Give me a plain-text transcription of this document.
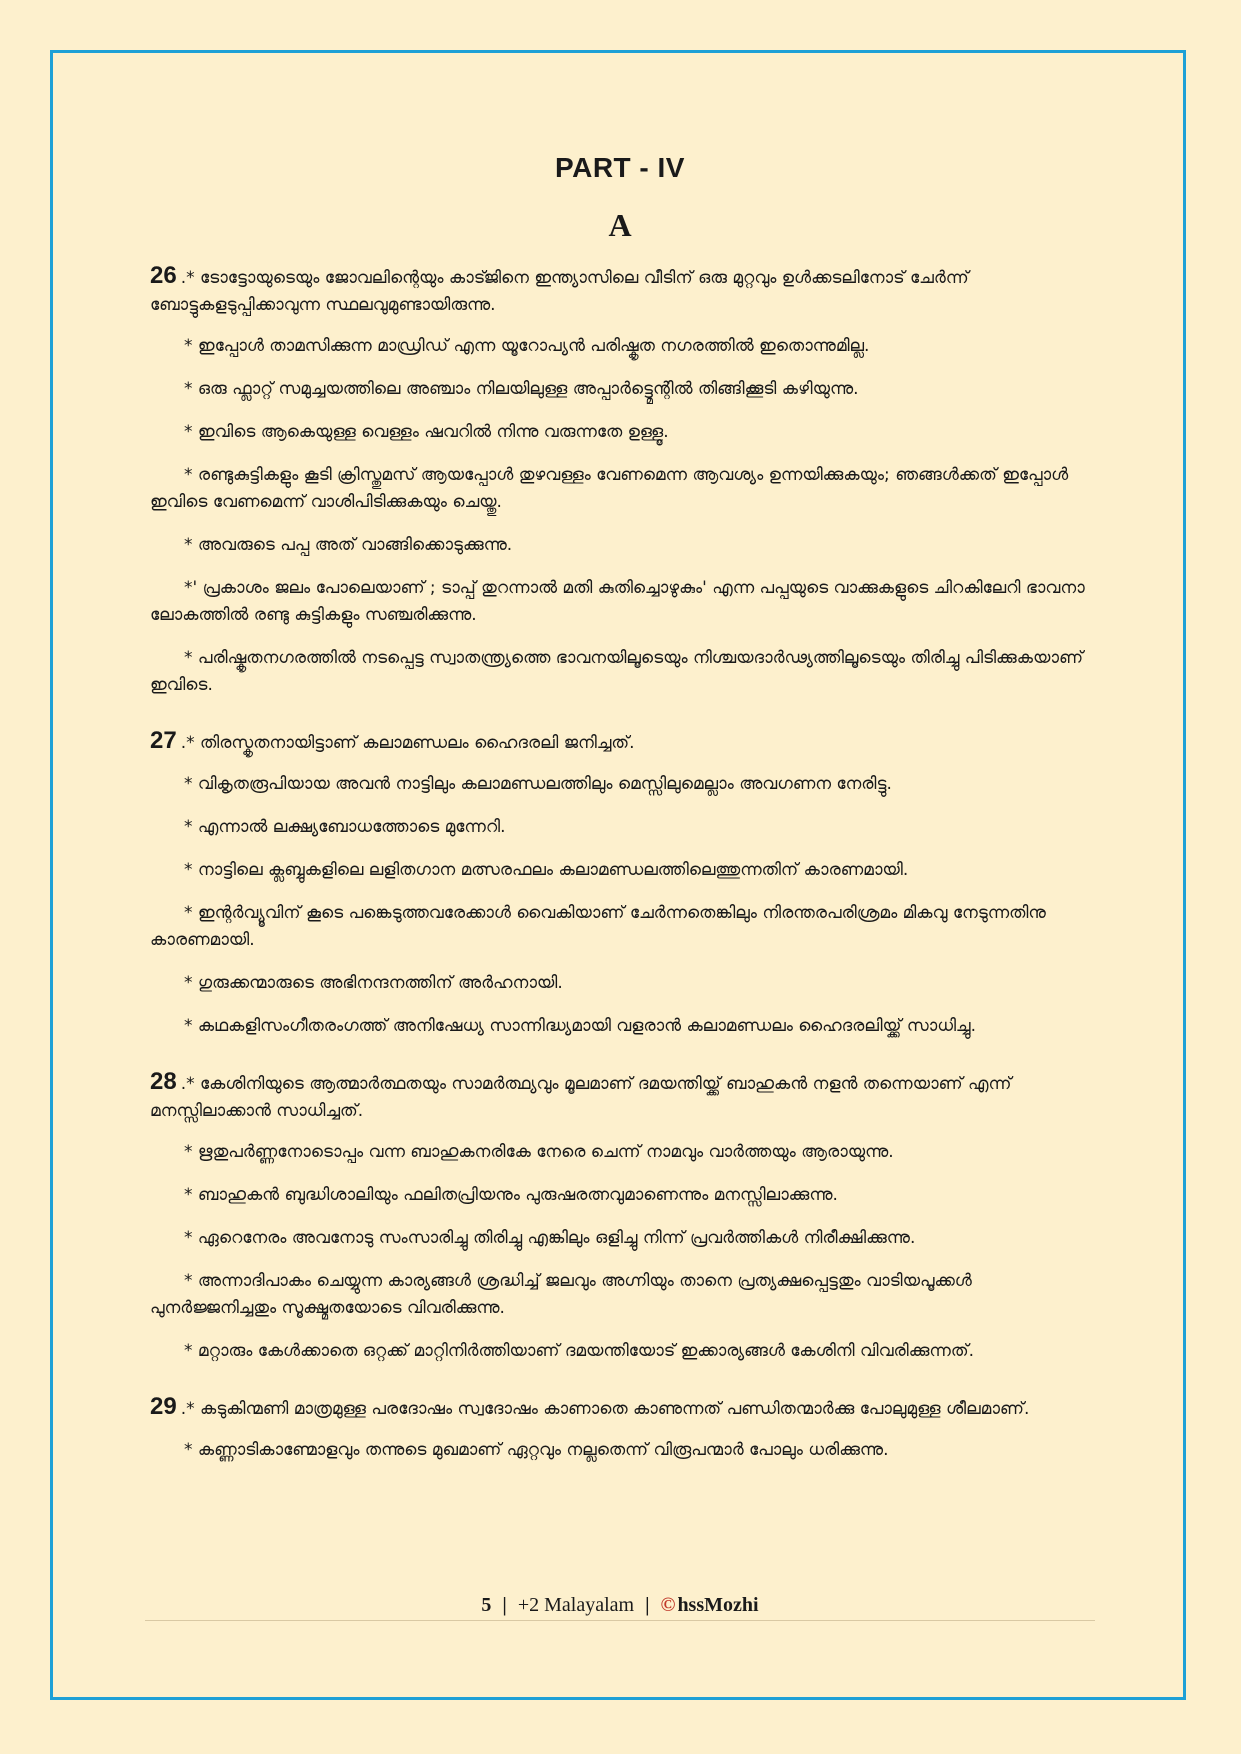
PART - IV
A
26 .* ടോട്ടോയുടെയും ജോവലിന്റെയും കാട്ജിനെ ഇന്ത്യാസിലെ വീടിന് ഒരു മുറ്റവും ഉൾക്കടലിനോട് ചേർന്ന് ബോട്ടുകളടുപ്പിക്കാവുന്ന സ്ഥലവുമുണ്ടായിരുന്നു.
* ഇപ്പോൾ താമസിക്കുന്ന മാഡ്രിഡ് എന്ന യൂറോപ്യൻ പരിഷ്കൃത നഗരത്തിൽ ഇതൊന്നുമില്ല.
* ഒരു ഫ്ലാറ്റ് സമുച്ചയത്തിലെ അഞ്ചാം നിലയിലുള്ള അപ്പാർട്ട്മെന്റിൽ തിങ്ങിക്കൂടി കഴിയുന്നു.
* ഇവിടെ ആകെയുള്ള വെള്ളം ഷവറിൽ നിന്നു വരുന്നതേ ഉള്ളൂ.
* രണ്ടുകുട്ടികളും കൂടി ക്രിസ്തുമസ് ആയപ്പോൾ തുഴവള്ളം വേണമെന്ന ആവശ്യം ഉന്നയിക്കുകയും; ഞങ്ങൾക്കത് ഇപ്പോൾ ഇവിടെ വേണമെന്ന് വാശിപിടിക്കുകയും ചെയ്തു.
* അവരുടെ പപ്പ അത് വാങ്ങിക്കൊടുക്കുന്നു.
*' പ്രകാശം ജലം പോലെയാണ് ; ടാപ്പ് തുറന്നാൽ മതി കുതിച്ചൊഴുകും' എന്ന പപ്പയുടെ വാക്കുകളുടെ ചിറകിലേറി ഭാവനാ ലോകത്തിൽ രണ്ടു കുട്ടികളും സഞ്ചരിക്കുന്നു.
* പരിഷ്കൃതനഗരത്തിൽ നടപ്പെട്ട സ്വാതന്ത്ര്യത്തെ ഭാവനയിലൂടെയും നിശ്ചയദാർഢ്യത്തിലൂടെയും തിരിച്ചു പിടിക്കുകയാണ് ഇവിടെ.
27 .* തിരസ്കൃതനായിട്ടാണ് കലാമണ്ഡലം ഹൈദരലി ജനിച്ചത്.
* വികൃതരൂപിയായ അവൻ നാട്ടിലും കലാമണ്ഡലത്തിലും മെസ്സിലുമെല്ലാം അവഗണന നേരിട്ടു.
* എന്നാൽ ലക്ഷ്യബോധത്തോടെ മുന്നേറി.
* നാട്ടിലെ ക്ലബ്ബുകളിലെ ലളിതഗാന മത്സരഫലം കലാമണ്ഡലത്തിലെത്തുന്നതിന് കാരണമായി.
* ഇന്റർവ്യൂവിന് കൂടെ പങ്കെടുത്തവരേക്കാൾ വൈകിയാണ് ചേർന്നതെങ്കിലും നിരന്തരപരിശ്രമം മികവു നേടുന്നതിനു കാരണമായി.
* ഗുരുക്കന്മാരുടെ അഭിനന്ദനത്തിന് അർഹനായി.
* കഥകളിസംഗീതരംഗത്ത് അനിഷേധ്യ സാന്നിദ്ധ്യമായി വളരാൻ കലാമണ്ഡലം ഹൈദരലിയ്ക്ക് സാധിച്ചു.
28 .* കേശിനിയുടെ ആത്മാർത്ഥതയും സാമർത്ഥ്യവും മൂലമാണ് ദമയന്തിയ്ക്ക് ബാഹുകൻ നളൻ തന്നെയാണ് എന്ന് മനസ്സിലാക്കാൻ സാധിച്ചത്.
* ഋതുപർണ്ണനോടൊപ്പം വന്ന ബാഹുകനരികേ നേരെ ചെന്ന് നാമവും വാർത്തയും ആരായുന്നു.
* ബാഹുകൻ ബുദ്ധിശാലിയും ഫലിതപ്രിയനും പുരുഷരത്നവുമാണെന്നും മനസ്സിലാക്കുന്നു.
* ഏറെനേരം അവനോടു സംസാരിച്ചു തിരിച്ചു എങ്കിലും ഒളിച്ചു നിന്ന് പ്രവർത്തികൾ നിരീക്ഷിക്കുന്നു.
* അന്നാദിപാകം ചെയ്യുന്ന കാര്യങ്ങൾ ശ്രദ്ധിച്ച് ജലവും അഗ്നിയും താനെ പ്രത്യക്ഷപ്പെട്ടതും വാടിയപൂക്കൾ പുനർജ്ജനിച്ചതും സൂക്ഷ്മതയോടെ വിവരിക്കുന്നു.
* മറ്റാരും കേൾക്കാതെ ഒറ്റക്ക് മാറ്റിനിർത്തിയാണ് ദമയന്തിയോട് ഇക്കാര്യങ്ങൾ കേശിനി വിവരിക്കുന്നത്.
29 .* കടുകിന്മണി മാത്രമുള്ള പരദോഷം സ്വദോഷം കാണാതെ കാണുന്നത് പണ്ഡിതന്മാർക്കു പോലുമുള്ള ശീലമാണ്.
* കണ്ണാടികാണ്മോളവും തന്നുടെ മുഖമാണ് ഏറ്റവും നല്ലതെന്ന് വിരൂപന്മാർ പോലും ധരിക്കുന്നു.
5 | +2 Malayalam | © hssMozhi
